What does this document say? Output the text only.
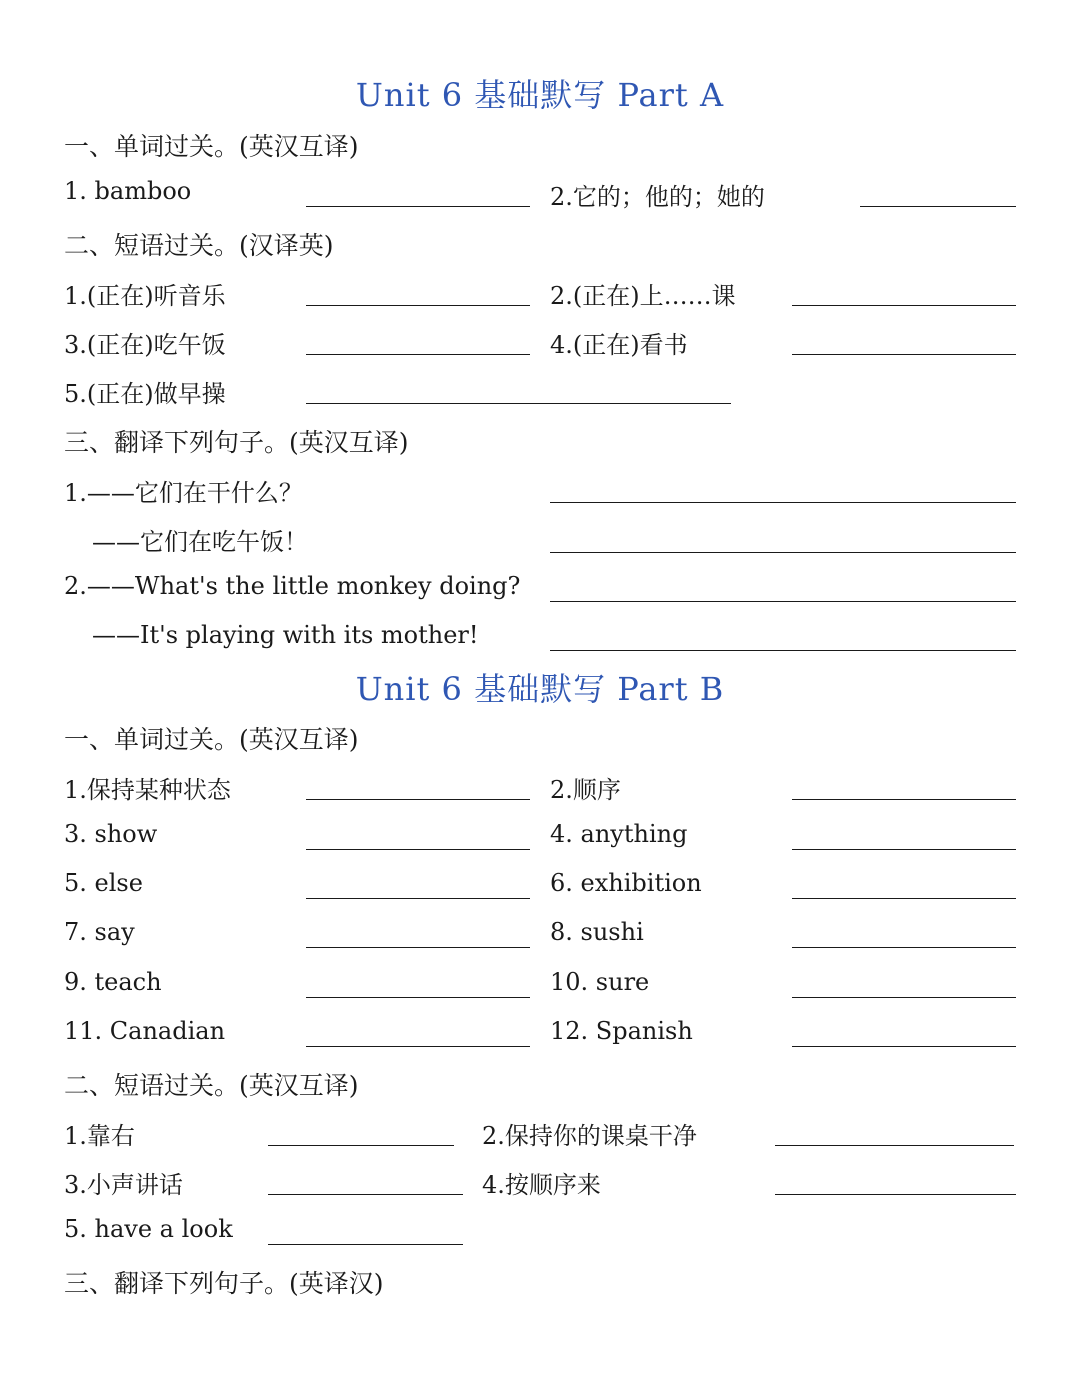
Unit 6 基础默写 Part A
一、单词过关。(英汉互译)
1. bamboo	2.它的；他的；她的
二、短语过关。(汉译英)
1.(正在)听音乐	2.(正在)上……课
3.(正在)吃午饭	4.(正在)看书
5.(正在)做早操
三、翻译下列句子。(英汉互译)
1.——它们在干什么？
——它们在吃午饭！
2.——What's the little monkey doing?
——It's playing with its mother!
Unit 6 基础默写 Part B
一、单词过关。(英汉互译)
1.保持某种状态	2.顺序
3. show	4. anything
5. else	6. exhibition
7. say	8. sushi
9. teach	10. sure
11. Canadian	12. Spanish
二、短语过关。(英汉互译)
1.靠右	2.保持你的课桌干净
3.小声讲话	4.按顺序来
5. have a look
三、翻译下列句子。(英译汉)
